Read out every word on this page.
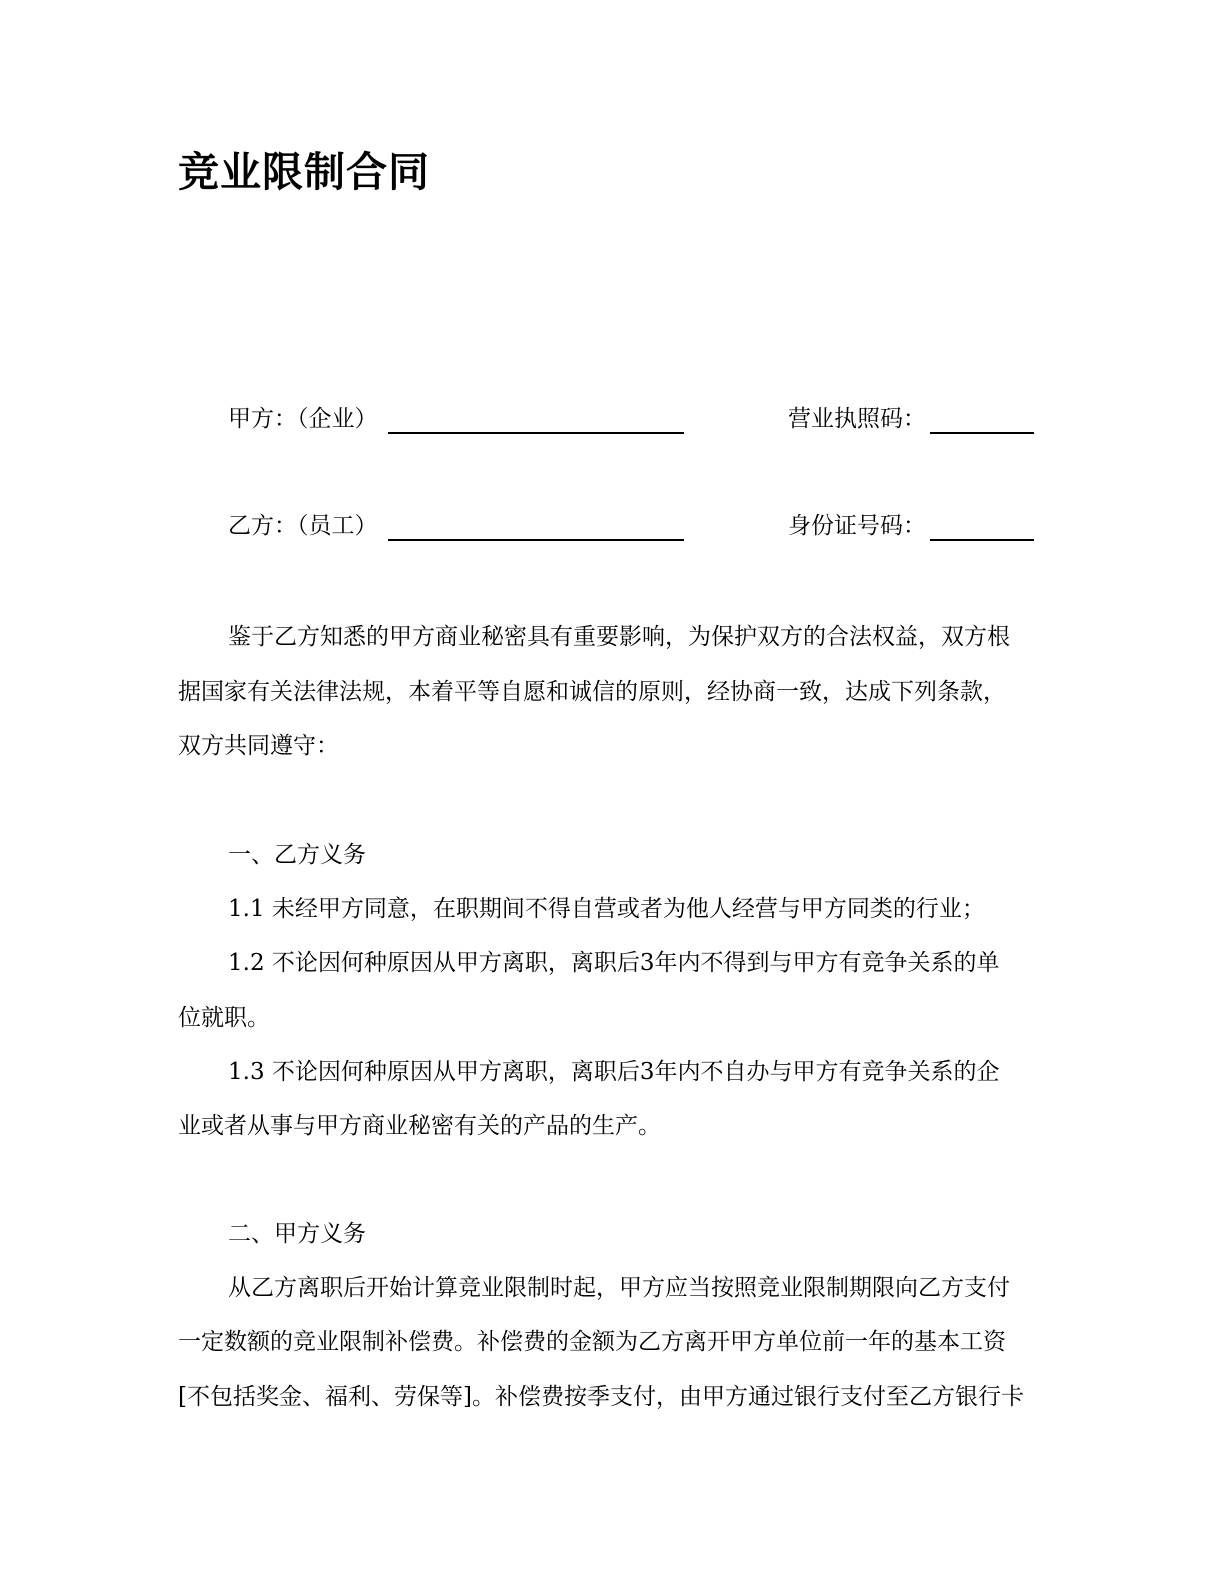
竞业限制合同
甲方：（企业）	营业执照码：
乙方：（员工）	身份证号码：
鉴于乙方知悉的甲方商业秘密具有重要影响，为保护双方的合法权益，双方根
据国家有关法律法规，本着平等自愿和诚信的原则，经协商一致，达成下列条款，
双方共同遵守：
一、乙方义务
1.1 未经甲方同意，在职期间不得自营或者为他人经营与甲方同类的行业；
1.2 不论因何种原因从甲方离职，离职后3年内不得到与甲方有竞争关系的单
位就职。
1.3 不论因何种原因从甲方离职，离职后3年内不自办与甲方有竞争关系的企
业或者从事与甲方商业秘密有关的产品的生产。
二、甲方义务
从乙方离职后开始计算竞业限制时起，甲方应当按照竞业限制期限向乙方支付
一定数额的竞业限制补偿费。补偿费的金额为乙方离开甲方单位前一年的基本工资
[不包括奖金、福利、劳保等]。补偿费按季支付，由甲方通过银行支付至乙方银行卡
